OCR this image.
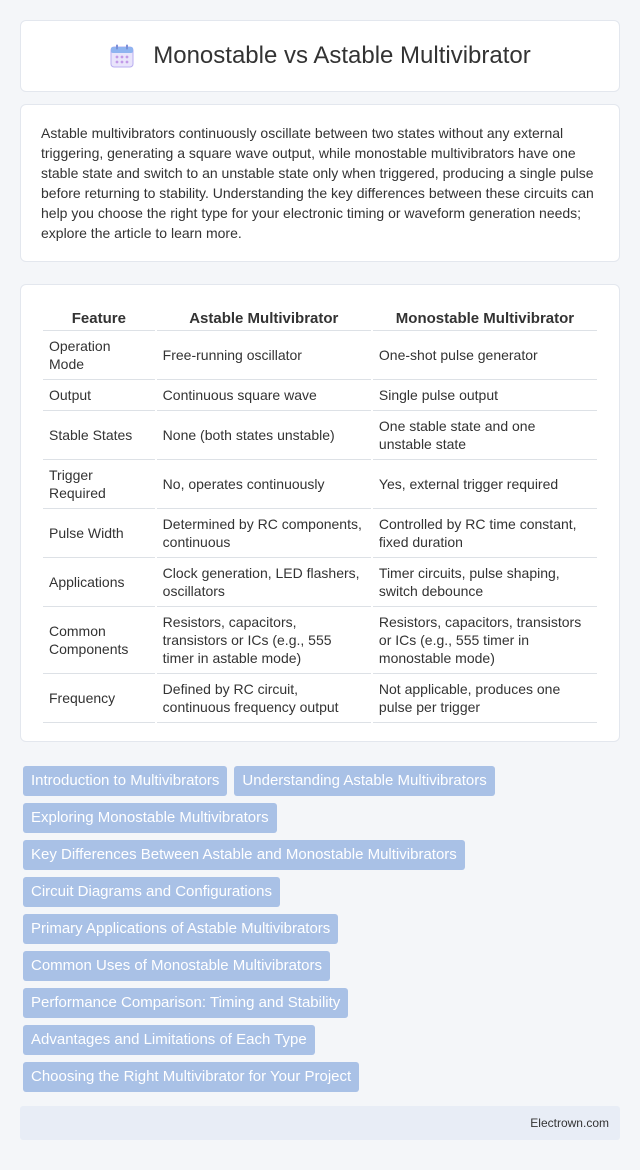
Monostable vs Astable Multivibrator

Astable multivibrators continuously oscillate between two states without any external triggering, generating a square wave output, while monostable multivibrators have one stable state and switch to an unstable state only when triggered, producing a single pulse before returning to stability. Understanding the key differences between these circuits can help you choose the right type for your electronic timing or waveform generation needs; explore the article to learn more.

Feature	Astable Multivibrator	Monostable Multivibrator
Operation Mode	Free-running oscillator	One-shot pulse generator
Output	Continuous square wave	Single pulse output
Stable States	None (both states unstable)	One stable state and one unstable state
Trigger Required	No, operates continuously	Yes, external trigger required
Pulse Width	Determined by RC components, continuous	Controlled by RC time constant, fixed duration
Applications	Clock generation, LED flashers, oscillators	Timer circuits, pulse shaping, switch debounce
Common Components	Resistors, capacitors, transistors or ICs (e.g., 555 timer in astable mode)	Resistors, capacitors, transistors or ICs (e.g., 555 timer in monostable mode)
Frequency	Defined by RC circuit, continuous frequency output	Not applicable, produces one pulse per trigger
Introduction to Multivibrators	Understanding Astable Multivibrators
Exploring Monostable Multivibrators
Key Differences Between Astable and Monostable Multivibrators
Circuit Diagrams and Configurations
Primary Applications of Astable Multivibrators
Common Uses of Monostable Multivibrators
Performance Comparison: Timing and Stability
Advantages and Limitations of Each Type
Choosing the Right Multivibrator for Your Project
Electrown.com
